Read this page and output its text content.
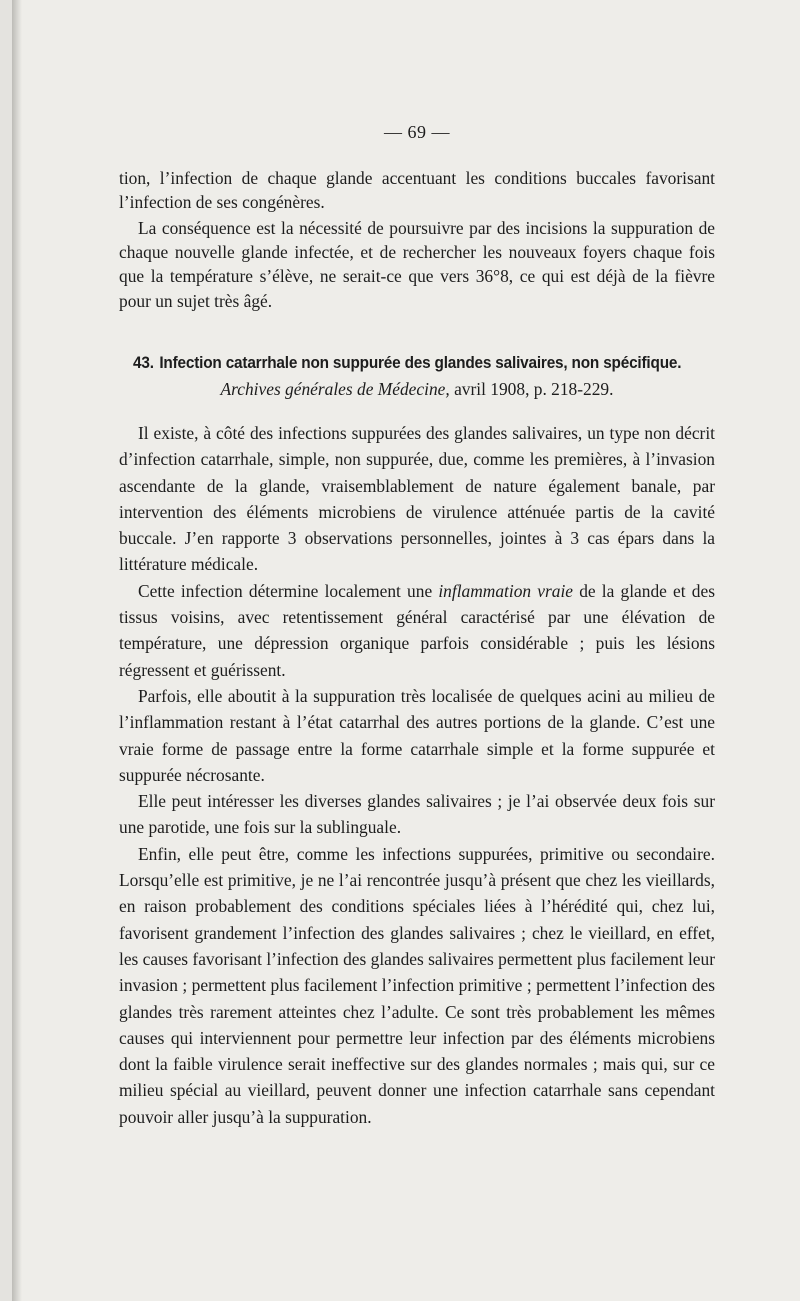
— 69 —

tion, l’infection de chaque glande accentuant les conditions buccales favorisant l’infection de ses congénères.

La conséquence est la nécessité de poursuivre par des incisions la suppuration de chaque nouvelle glande infectée, et de rechercher les nouveaux foyers chaque fois que la température s’élève, ne serait-ce que vers 36°8, ce qui est déjà de la fièvre pour un sujet très âgé.

43. Infection catarrhale non suppurée des glandes salivaires, non spécifique.
Archives générales de Médecine, avril 1908, p. 218-229.

Il existe, à côté des infections suppurées des glandes salivaires, un type non décrit d’infection catarrhale, simple, non suppurée, due, comme les premières, à l’invasion ascendante de la glande, vraisemblablement de nature également banale, par intervention des éléments microbiens de virulence atténuée partis de la cavité buccale. J’en rapporte 3 observations personnelles, jointes à 3 cas épars dans la littérature médicale.

Cette infection détermine localement une inflammation vraie de la glande et des tissus voisins, avec retentissement général caractérisé par une élévation de température, une dépression organique parfois considérable ; puis les lésions régressent et guérissent.

Parfois, elle aboutit à la suppuration très localisée de quelques acini au milieu de l’inflammation restant à l’état catarrhal des autres portions de la glande. C’est une vraie forme de passage entre la forme catarrhale simple et la forme suppurée et suppurée nécrosante.

Elle peut intéresser les diverses glandes salivaires ; je l’ai observée deux fois sur une parotide, une fois sur la sublinguale.

Enfin, elle peut être, comme les infections suppurées, primitive ou secondaire. Lorsqu’elle est primitive, je ne l’ai rencontrée jusqu’à présent que chez les vieillards, en raison probablement des conditions spéciales liées à l’hérédité qui, chez lui, favorisent grandement l’infection des glandes salivaires ; chez le vieillard, en effet, les causes favorisant l’infection des glandes salivaires permettent plus facilement leur invasion ; permettent plus facilement l’infection primitive ; permettent l’infection des glandes très rarement atteintes chez l’adulte. Ce sont très probablement les mêmes causes qui interviennent pour permettre leur infection par des éléments microbiens dont la faible virulence serait ineffective sur des glandes normales ; mais qui, sur ce milieu spécial au vieillard, peuvent donner une infection catarrhale sans cependant pouvoir aller jusqu’à la suppuration.
